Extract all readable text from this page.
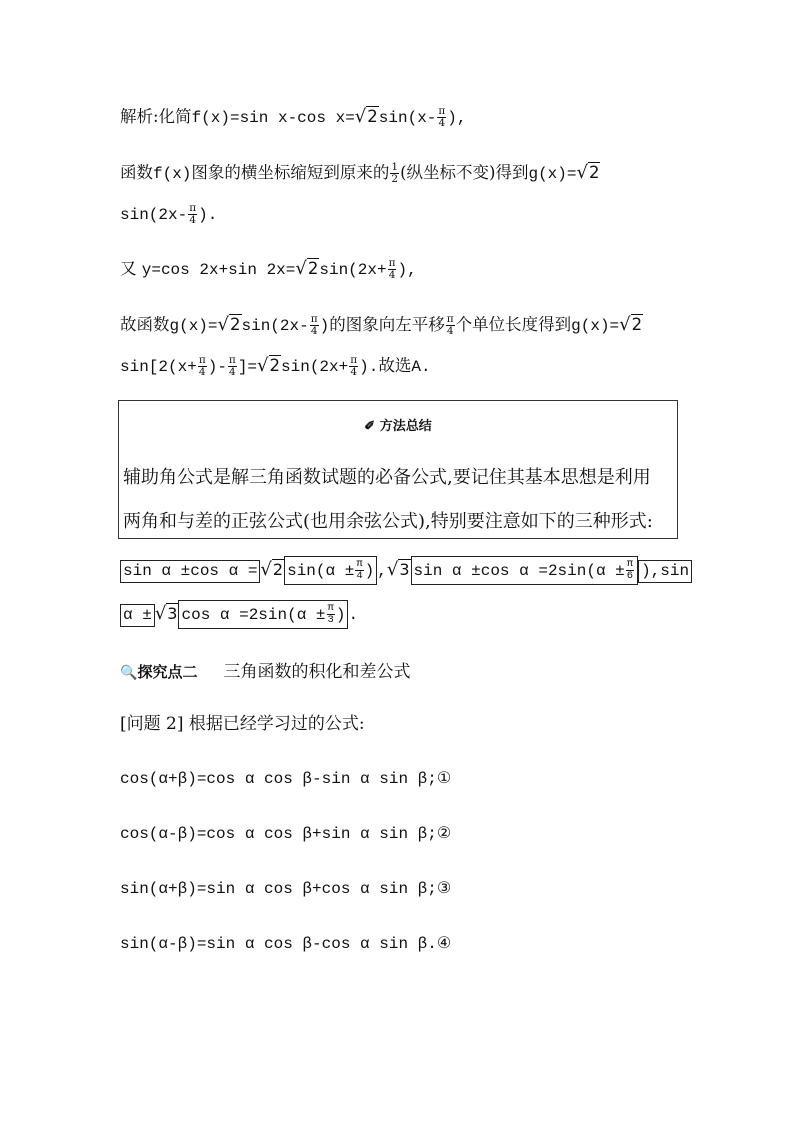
解析:化简f(x)=sin x-cos $x=√2\sin(x- \frac{\pi}{4}$ ),
函数f(x)图象的横坐标缩短到原来的 $\frac{1}{2}$ (纵坐标不变)得到g(x)=√2
$\sin(2x- \frac{\pi}{4}$ ).
又 y=cos 2x+sin $2x=√2\sin(2x+ \frac{\pi}{4}$ ),
故函数$g(x)=√2\sin(2x- \frac{\pi}{4}$ )的图象向左平移 $\frac{\pi}{4}$ 个单位长度得到g(x)=√2
$\sin[2(x+ \frac{\pi}{4}$ )- $\frac{\pi}{4} ]=√2\sin(2x+ \frac{\pi}{4}$ ).故选A.
✐ 方法总结
辅助角公式是解三角函数试题的必备公式,要记住其基本思想是利用
两角和与差的正弦公式(也用余弦公式),特别要注意如下的三种形式:
sin α ±cos α = √2 $\sin(\alpha \pm \frac{\pi}{4}$ ) ,√3 sin α ±cos $\alpha =2\sin(\alpha \pm \frac{\pi}{6} ),\sin$
α ± √3 $\cos \alpha =2\sin(\alpha \pm \frac{\pi}{3}$ ) .
🔍探究点二 三角函数的积化和差公式
[问题 2] 根据已经学习过的公式:
cos(α+β)=cos α cos β-sin α sin β;①
cos(α-β)=cos α cos β+sin α sin β;②
sin(α+β)=sin α cos β+cos α sin β;③
sin(α-β)=sin α cos β-cos α sin β.④
